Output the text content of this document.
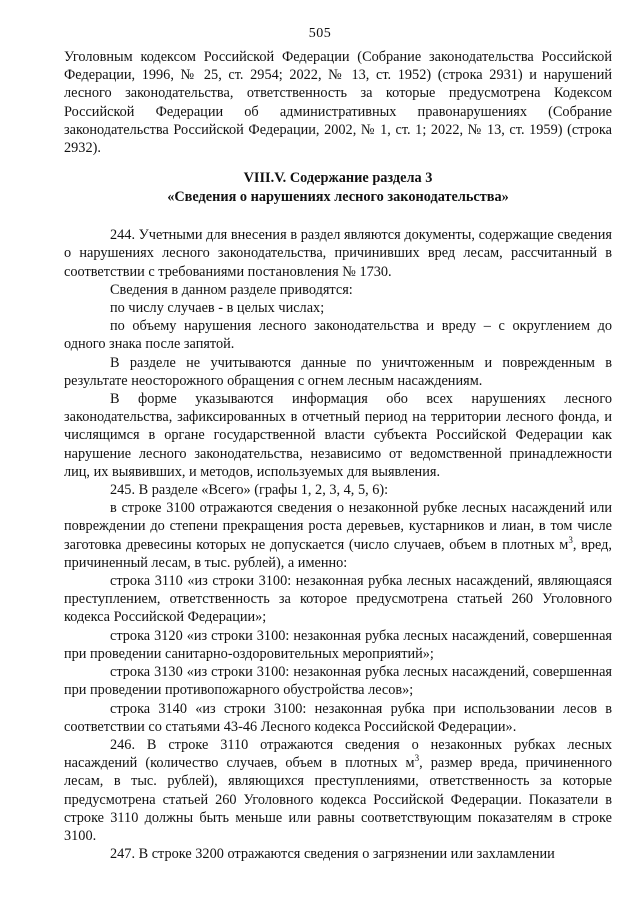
505

Уголовным кодексом Российской Федерации (Собрание законодательства Российской Федерации, 1996, № 25, ст. 2954; 2022, № 13, ст. 1952) (строка 2931) и нарушений лесного законодательства, ответственность за которые предусмотрена Кодексом Российской Федерации об административных правонарушениях (Собрание законодательства Российской Федерации, 2002, № 1, ст. 1; 2022, № 13, ст. 1959) (строка 2932).

VIII.V. Содержание раздела 3
«Сведения о нарушениях лесного законодательства»

244. Учетными для внесения в раздел являются документы, содержащие сведения о нарушениях лесного законодательства, причинивших вред лесам, рассчитанный в соответствии с требованиями постановления № 1730.

Сведения в данном разделе приводятся:

по числу случаев - в целых числах;

по объему нарушения лесного законодательства и вреду – с округлением до одного знака после запятой.

В разделе не учитываются данные по уничтоженным и поврежденным в результате неосторожного обращения с огнем лесным насаждениям.

В форме указываются информация обо всех нарушениях лесного законодательства, зафиксированных в отчетный период на территории лесного фонда, и числящимся в органе государственной власти субъекта Российской Федерации как нарушение лесного законодательства, независимо от ведомственной принадлежности лиц, их выявивших, и методов, используемых для выявления.

245. В разделе «Всего» (графы 1, 2, 3, 4, 5, 6):

в строке 3100 отражаются сведения о незаконной рубке лесных насаждений или повреждении до степени прекращения роста деревьев, кустарников и лиан, в том числе заготовка древесины которых не допускается (число случаев, объем в плотных $м^3$, вред, причиненный лесам, в тыс. рублей), а именно:

строка 3110 «из строки 3100: незаконная рубка лесных насаждений, являющаяся преступлением, ответственность за которое предусмотрена статьей 260 Уголовного кодекса Российской Федерации»;

строка 3120 «из строки 3100: незаконная рубка лесных насаждений, совершенная при проведении санитарно-оздоровительных мероприятий»;

строка 3130 «из строки 3100: незаконная рубка лесных насаждений, совершенная при проведении противопожарного обустройства лесов»;

строка 3140 «из строки 3100: незаконная рубка при использовании лесов в соответствии со статьями 43-46 Лесного кодекса Российской Федерации».

246. В строке 3110 отражаются сведения о незаконных рубках лесных насаждений (количество случаев, объем в плотных $м^3$, размер вреда, причиненного лесам, в тыс. рублей), являющихся преступлениями, ответственность за которые предусмотрена статьей 260 Уголовного кодекса Российской Федерации. Показатели в строке 3110 должны быть меньше или равны соответствующим показателям в строке 3100.

247. В строке 3200 отражаются сведения о загрязнении или захламлении
